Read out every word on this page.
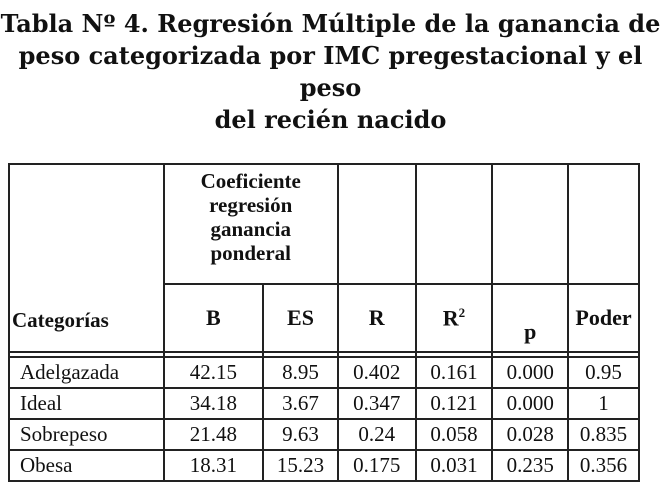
Tabla Nº 4. Regresión Múltiple de la ganancia de
peso categorizada por IMC pregestacional y el peso
del recién nacido
Categorías	Coeficiente
regresión
ganancia
ponderal					

	B	ES	R	$R^2$	p	Poder

Adelgazada	42.15	8.95	0.402	0.161	0.000	0.95
Ideal	34.18	3.67	0.347	0.121	0.000	1
Sobrepeso	21.48	9.63	0.24	0.058	0.028	0.835
Obesa	18.31	15.23	0.175	0.031	0.235	0.356
